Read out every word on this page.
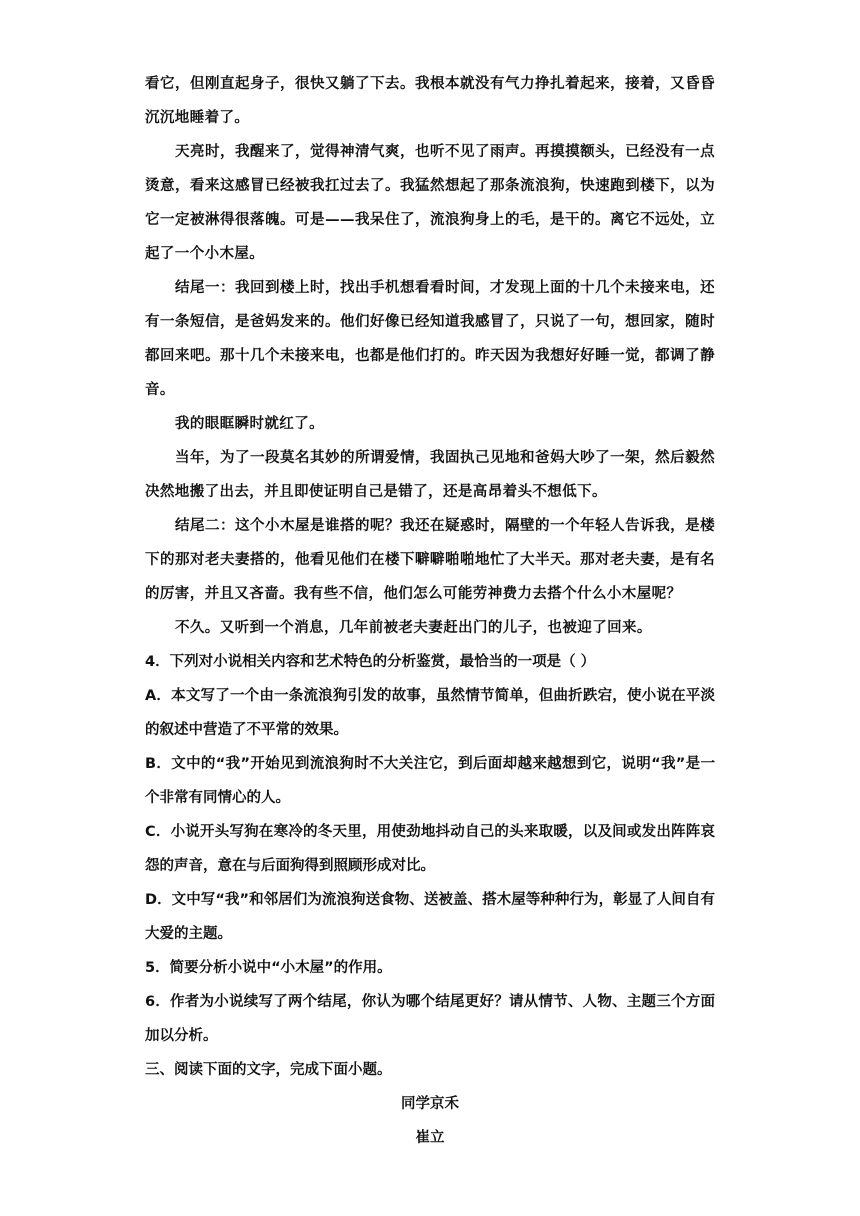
看它，但刚直起身子，很快又躺了下去。我根本就没有气力挣扎着起来，接着，又昏昏沉沉地睡着了。

天亮时，我醒来了，觉得神清气爽，也听不见了雨声。再摸摸额头，已经没有一点烫意，看来这感冒已经被我扛过去了。我猛然想起了那条流浪狗，快速跑到楼下，以为它一定被淋得很落魄。可是——我呆住了，流浪狗身上的毛，是干的。离它不远处，立起了一个小木屋。

结尾一：我回到楼上时，找出手机想看看时间，才发现上面的十几个未接来电，还有一条短信，是爸妈发来的。他们好像已经知道我感冒了，只说了一句，想回家，随时都回来吧。那十几个未接来电，也都是他们打的。昨天因为我想好好睡一觉，都调了静音。

我的眼眶瞬时就红了。

当年，为了一段莫名其妙的所谓爱情，我固执己见地和爸妈大吵了一架，然后毅然决然地搬了出去，并且即使证明自己是错了，还是高昂着头不想低下。

结尾二：这个小木屋是谁搭的呢？我还在疑惑时，隔壁的一个年轻人告诉我，是楼下的那对老夫妻搭的，他看见他们在楼下噼噼啪啪地忙了大半天。那对老夫妻，是有名的厉害，并且又吝啬。我有些不信，他们怎么可能劳神费力去搭个什么小木屋呢？

不久。又听到一个消息，几年前被老夫妻赶出门的儿子，也被迎了回来。

4．下列对小说相关内容和艺术特色的分析鉴赏，最恰当的一项是（ ）

A．本文写了一个由一条流浪狗引发的故事，虽然情节简单，但曲折跌宕，使小说在平淡的叙述中营造了不平常的效果。

B．文中的“我”开始见到流浪狗时不大关注它，到后面却越来越想到它，说明“我”是一个非常有同情心的人。

C．小说开头写狗在寒冷的冬天里，用使劲地抖动自己的头来取暖，以及间或发出阵阵哀怨的声音，意在与后面狗得到照顾形成对比。

D．文中写“我”和邻居们为流浪狗送食物、送被盖、搭木屋等种种行为，彰显了人间自有大爱的主题。

5．简要分析小说中“小木屋”的作用。

6．作者为小说续写了两个结尾，你认为哪个结尾更好？请从情节、人物、主题三个方面加以分析。

三、阅读下面的文字，完成下面小题。

同学京禾

崔立
